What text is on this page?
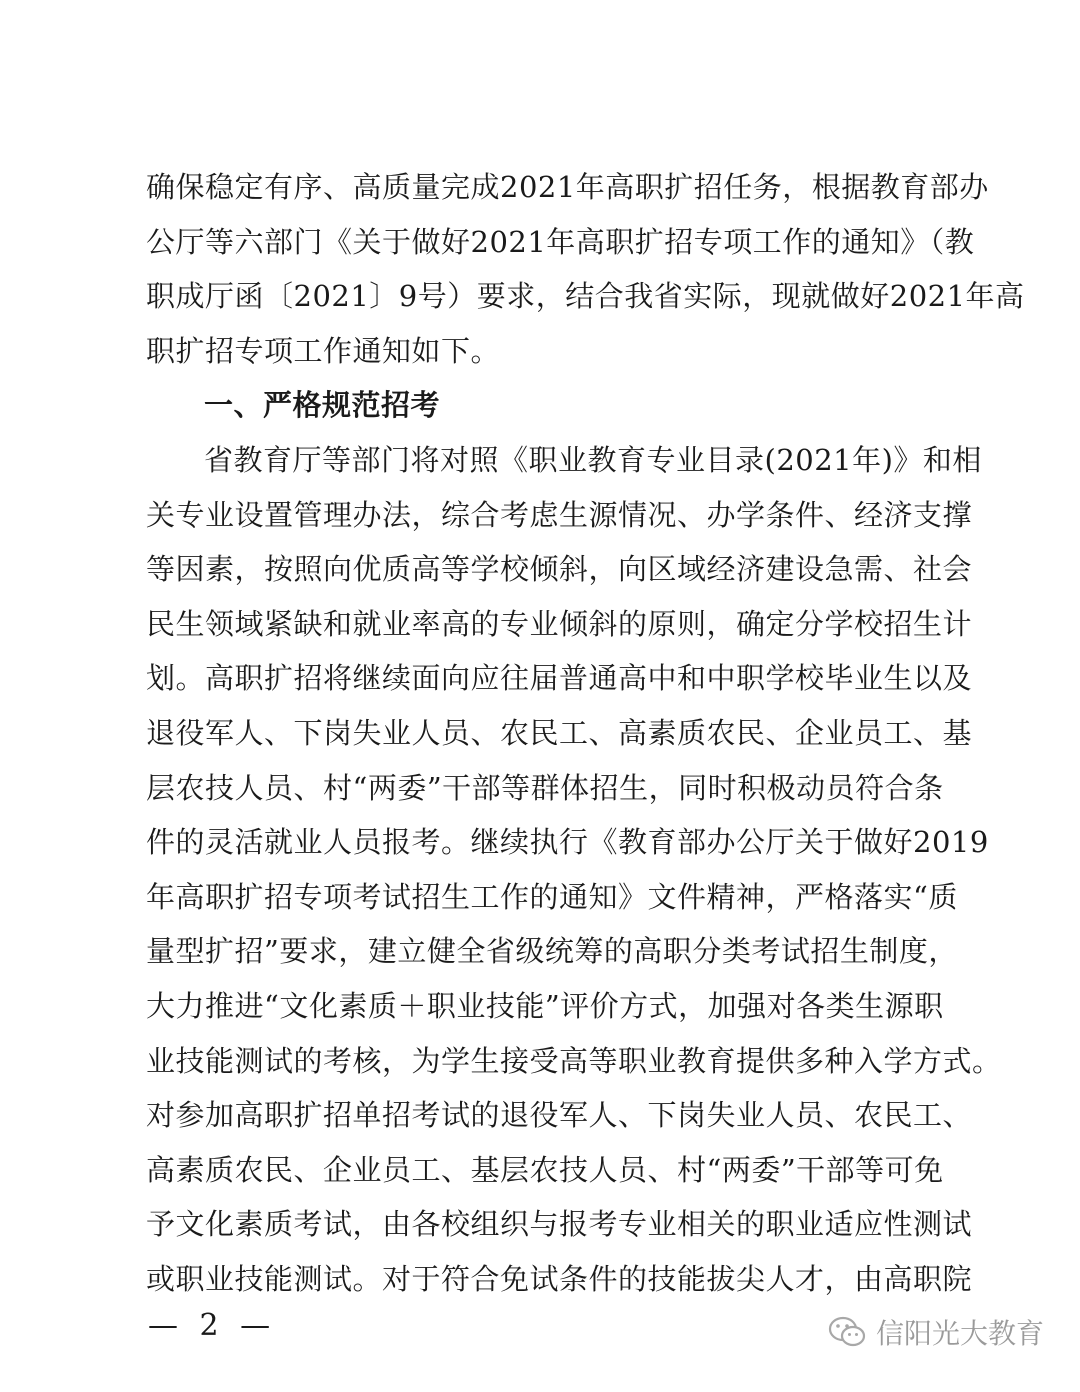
确保稳定有序、高质量完成2021年高职扩招任务，根据教育部办
公厅等六部门《关于做好2021年高职扩招专项工作的通知》（教
职成厅函〔2021〕9号）要求，结合我省实际，现就做好2021年高
职扩招专项工作通知如下。
一、严格规范招考
省教育厅等部门将对照《职业教育专业目录(2021年)》和相
关专业设置管理办法，综合考虑生源情况、办学条件、经济支撑
等因素，按照向优质高等学校倾斜，向区域经济建设急需、社会
民生领域紧缺和就业率高的专业倾斜的原则，确定分学校招生计
划。高职扩招将继续面向应往届普通高中和中职学校毕业生以及
退役军人、下岗失业人员、农民工、高素质农民、企业员工、基
层农技人员、村“两委”干部等群体招生，同时积极动员符合条
件的灵活就业人员报考。继续执行《教育部办公厅关于做好2019
年高职扩招专项考试招生工作的通知》文件精神，严格落实“质
量型扩招”要求，建立健全省级统筹的高职分类考试招生制度，
大力推进“文化素质＋职业技能”评价方式，加强对各类生源职
业技能测试的考核，为学生接受高等职业教育提供多种入学方式。
对参加高职扩招单招考试的退役军人、下岗失业人员、农民工、
高素质农民、企业员工、基层农技人员、村“两委”干部等可免
予文化素质考试，由各校组织与报考专业相关的职业适应性测试
或职业技能测试。对于符合免试条件的技能拔尖人才，由高职院
— 2 —	信阳光大教育
